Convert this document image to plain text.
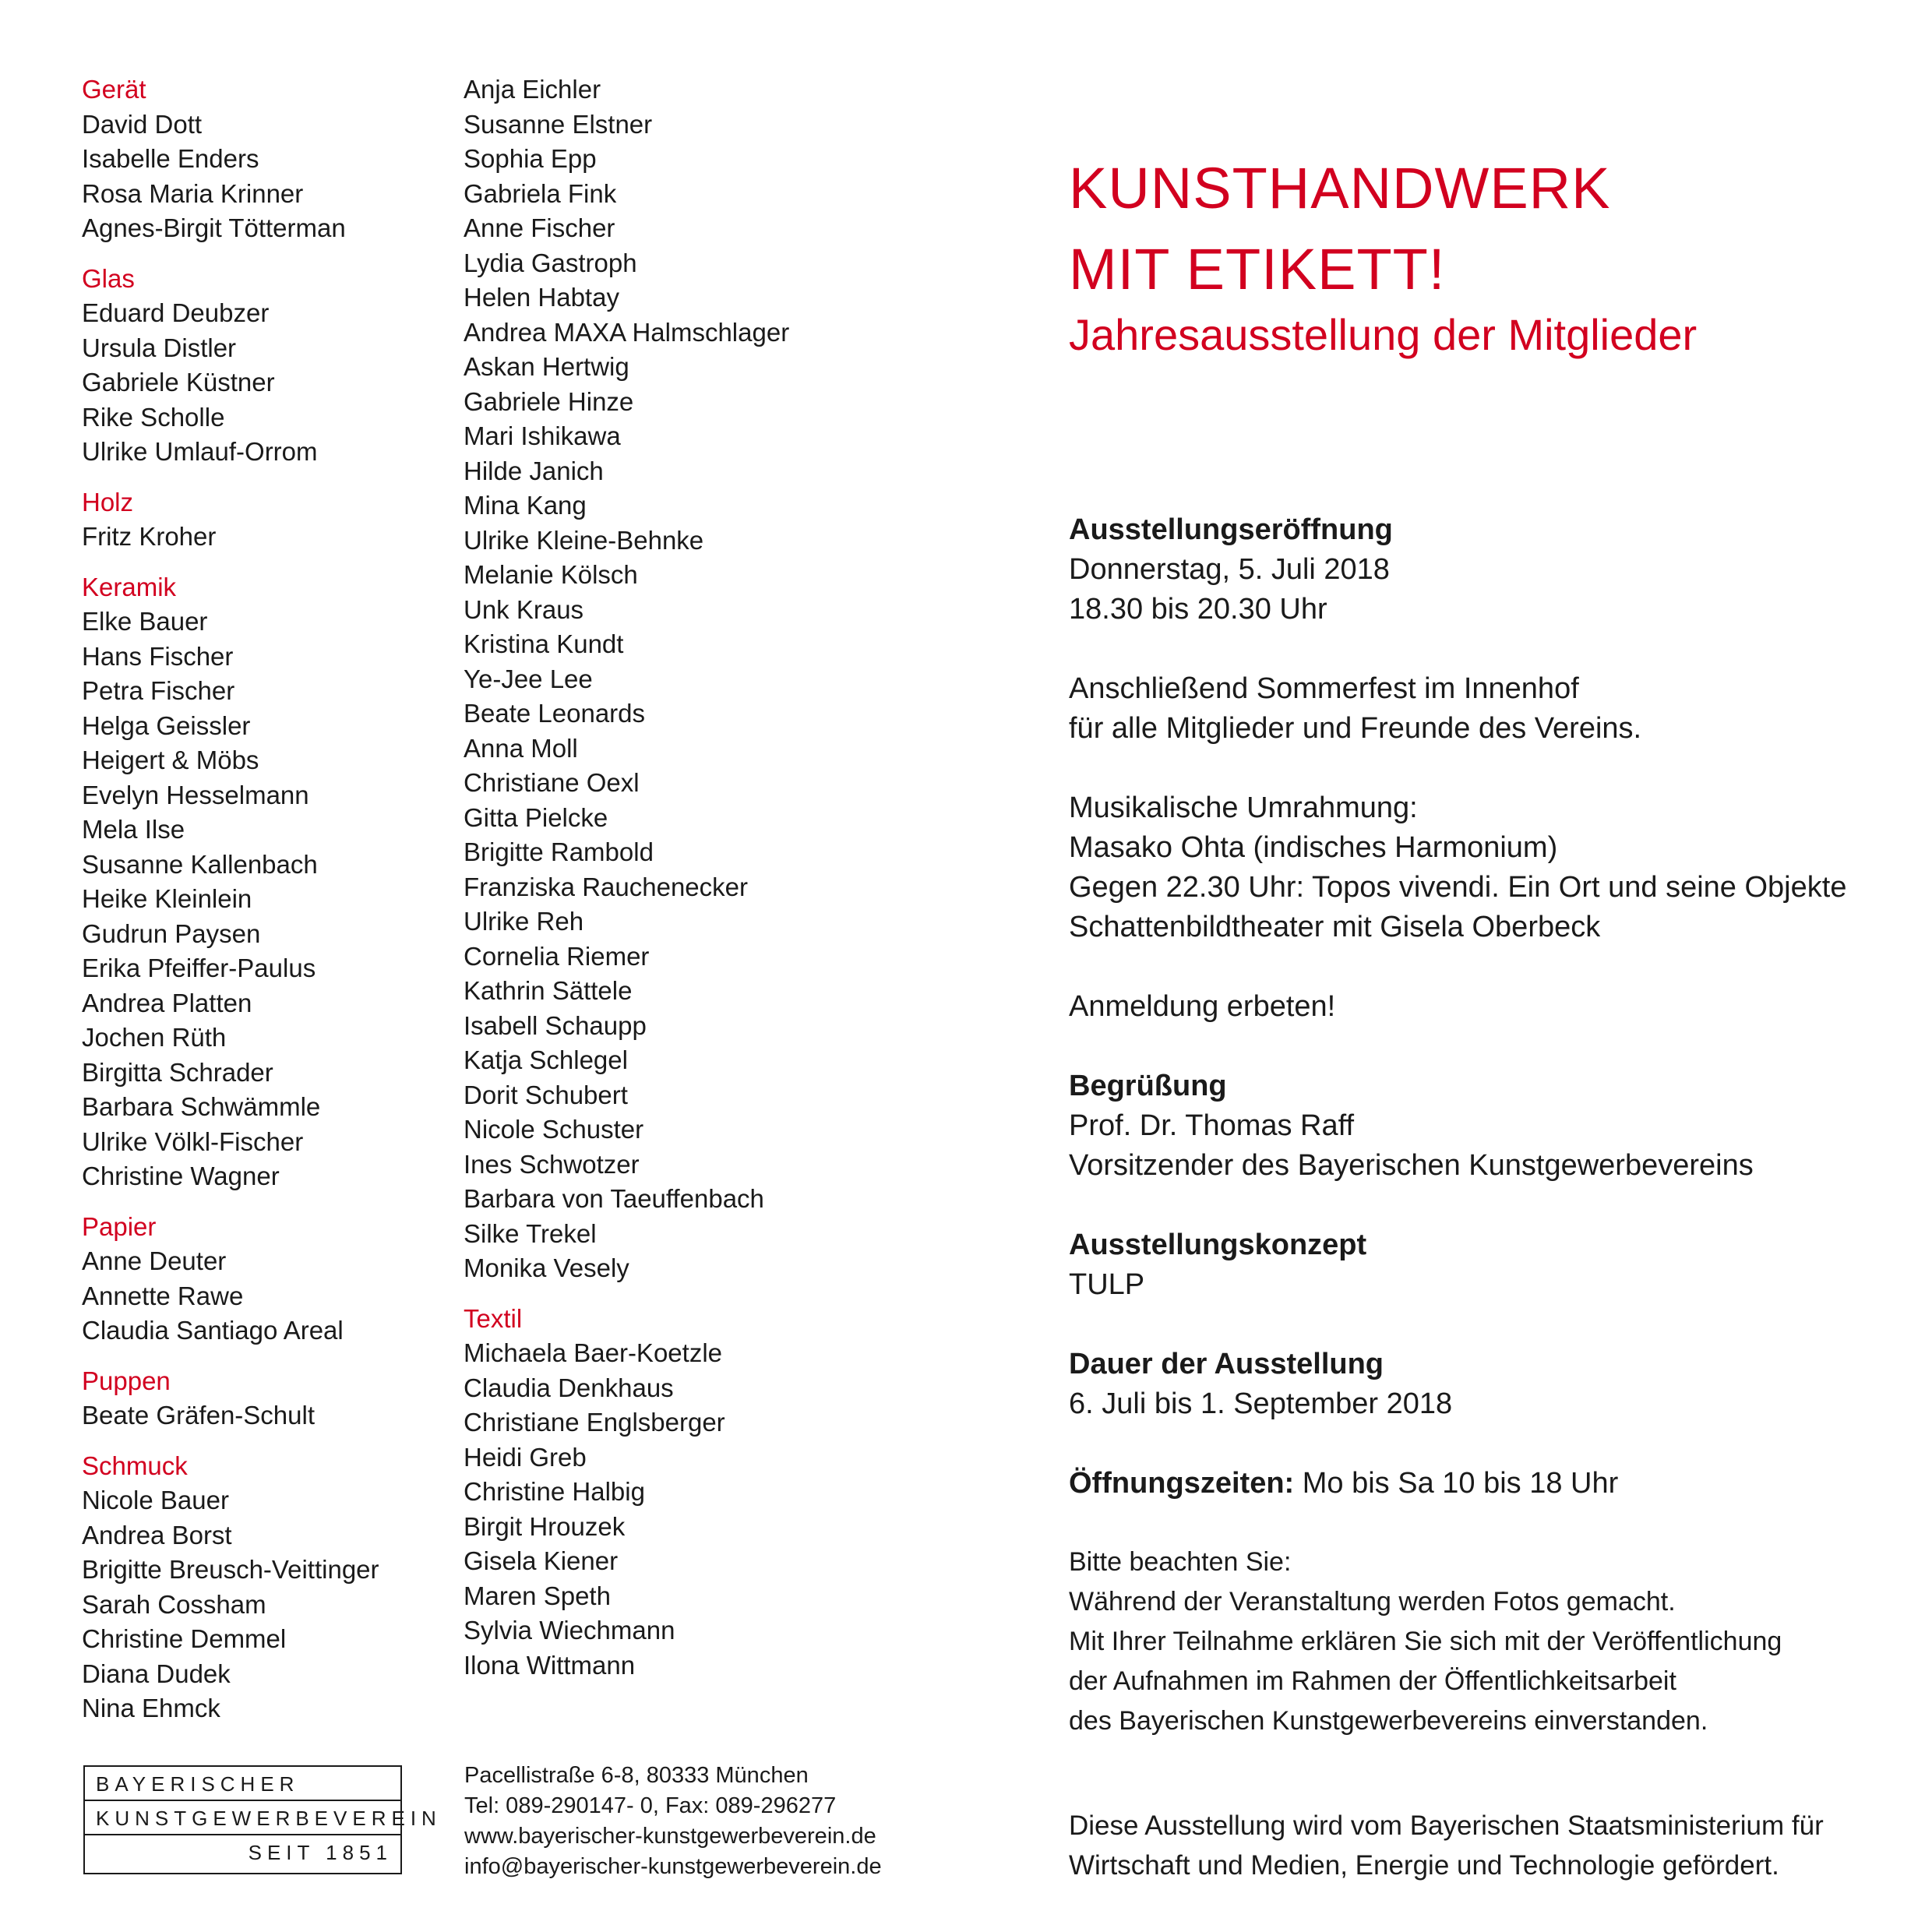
Gerät
David Dott
Isabelle Enders
Rosa Maria Krinner
Agnes-Birgit Tötterman
Glas
Eduard Deubzer
Ursula Distler
Gabriele Küstner
Rike Scholle
Ulrike Umlauf-Orrom
Holz
Fritz Kroher
Keramik
Elke Bauer
Hans Fischer
Petra Fischer
Helga Geissler
Heigert & Möbs
Evelyn Hesselmann
Mela Ilse
Susanne Kallenbach
Heike Kleinlein
Gudrun Paysen
Erika Pfeiffer-Paulus
Andrea Platten
Jochen Rüth
Birgitta Schrader
Barbara Schwämmle
Ulrike Völkl-Fischer
Christine Wagner
Papier
Anne Deuter
Annette Rawe
Claudia Santiago Areal
Puppen
Beate Gräfen-Schult
Schmuck
Nicole Bauer
Andrea Borst
Brigitte Breusch-Veittinger
Sarah Cossham
Christine Demmel
Diana Dudek
Nina Ehmck
Anja Eichler
Susanne Elstner
Sophia Epp
Gabriela Fink
Anne Fischer
Lydia Gastroph
Helen Habtay
Andrea MAXA Halmschlager
Askan Hertwig
Gabriele Hinze
Mari Ishikawa
Hilde Janich
Mina Kang
Ulrike Kleine-Behnke
Melanie Kölsch
Unk Kraus
Kristina Kundt
Ye-Jee Lee
Beate Leonards
Anna Moll
Christiane Oexl
Gitta Pielcke
Brigitte Rambold
Franziska Rauchenecker
Ulrike Reh
Cornelia Riemer
Kathrin Sättele
Isabell Schaupp
Katja Schlegel
Dorit Schubert
Nicole Schuster
Ines Schwotzer
Barbara von Taeuffenbach
Silke Trekel
Monika Vesely
Textil
Michaela Baer-Koetzle
Claudia Denkhaus
Christiane Englsberger
Heidi Greb
Christine Halbig
Birgit Hrouzek
Gisela Kiener
Maren Speth
Sylvia Wiechmann
Ilona Wittmann
KUNSTHANDWERK
MIT ETIKETT!
Jahresausstellung der Mitglieder

Ausstellungseröffnung

Donnerstag, 5. Juli 2018

18.30 bis 20.30 Uhr

Anschließend Sommerfest im Innenhof

für alle Mitglieder und Freunde des Vereins.

Musikalische Umrahmung:

Masako Ohta (indisches Harmonium)

Gegen 22.30 Uhr: Topos vivendi. Ein Ort und seine Objekte

Schattenbildtheater mit Gisela Oberbeck

Anmeldung erbeten!

Begrüßung

Prof. Dr. Thomas Raff

Vorsitzender des Bayerischen Kunstgewerbevereins

Ausstellungskonzept

TULP

Dauer der Ausstellung

6. Juli bis 1. September 2018

Öffnungszeiten: Mo bis Sa 10 bis 18 Uhr

Bitte beachten Sie:

Während der Veranstaltung werden Fotos gemacht.

Mit Ihrer Teilnahme erklären Sie sich mit der Veröffentlichung

der Aufnahmen im Rahmen der Öffentlichkeitsarbeit

des Bayerischen Kunstgewerbevereins einverstanden.

Diese Ausstellung wird vom Bayerischen Staatsministerium für

Wirtschaft und Medien, Energie und Technologie gefördert.

BAYERISCHER
KUNSTGEWERBEVEREIN
SEIT 1851

Pacellistraße 6-8, 80333 München

Tel: 089-290147- 0, Fax: 089-296277

www.bayerischer-kunstgewerbeverein.de

info@bayerischer-kunstgewerbeverein.de
